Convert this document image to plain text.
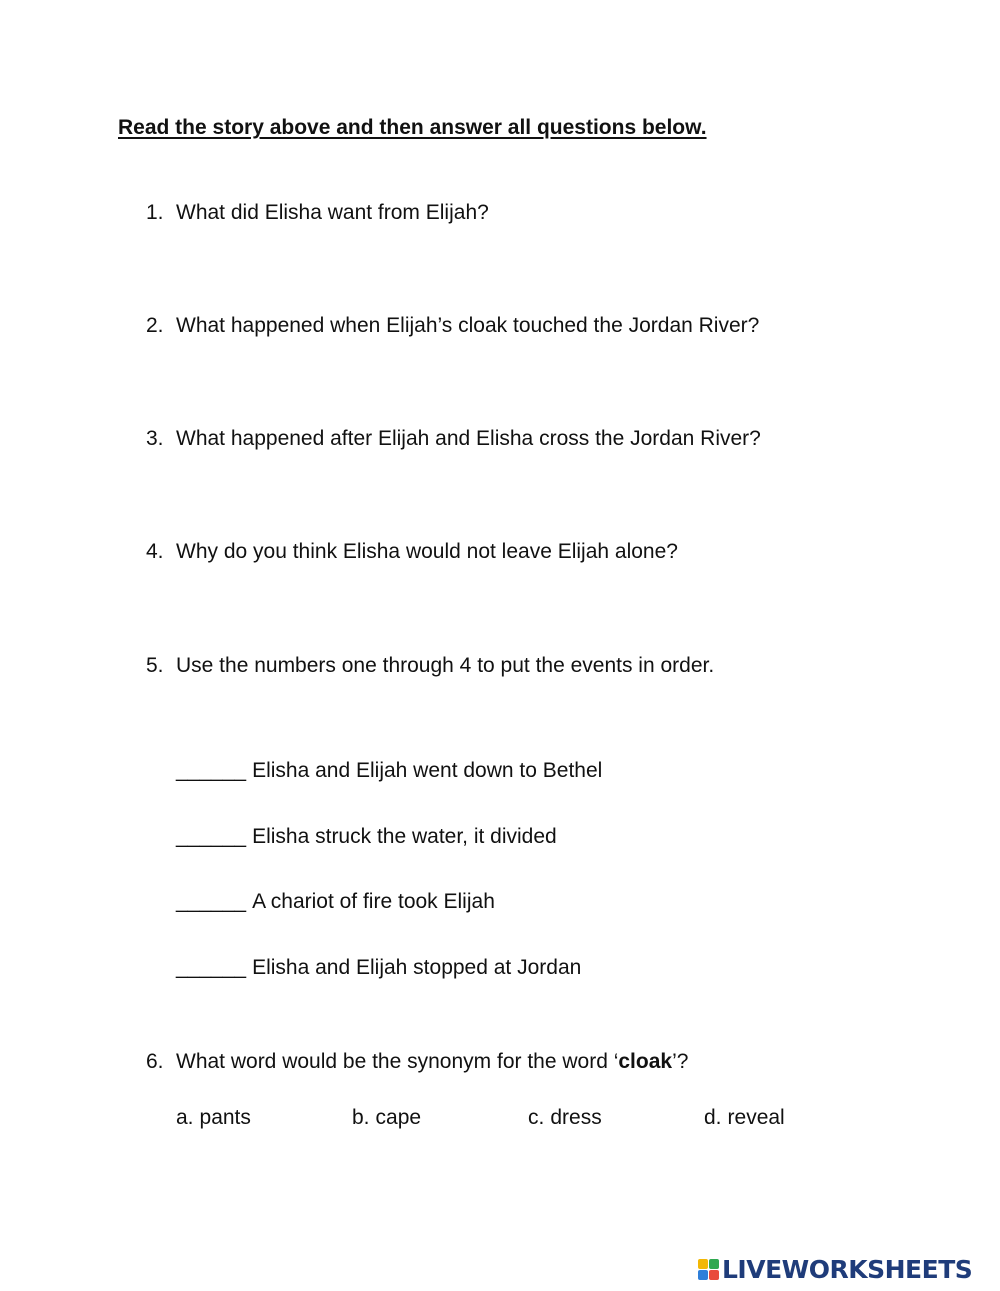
Read the story above and then answer all questions below.
1. What did Elisha want from Elijah?
2. What happened when Elijah’s cloak touched the Jordan River?
3. What happened after Elijah and Elisha cross the Jordan River?
4. Why do you think Elisha would not leave Elijah alone?
5. Use the numbers one through 4 to put the events in order.
______ Elisha and Elijah went down to Bethel
______ Elisha struck the water, it divided
______ A chariot of fire took Elijah
______ Elisha and Elijah stopped at Jordan
6. What word would be the synonym for the word ‘cloak’?
a. pants	b. cape	c. dress	d. reveal
LIVEWORKSHEETS
